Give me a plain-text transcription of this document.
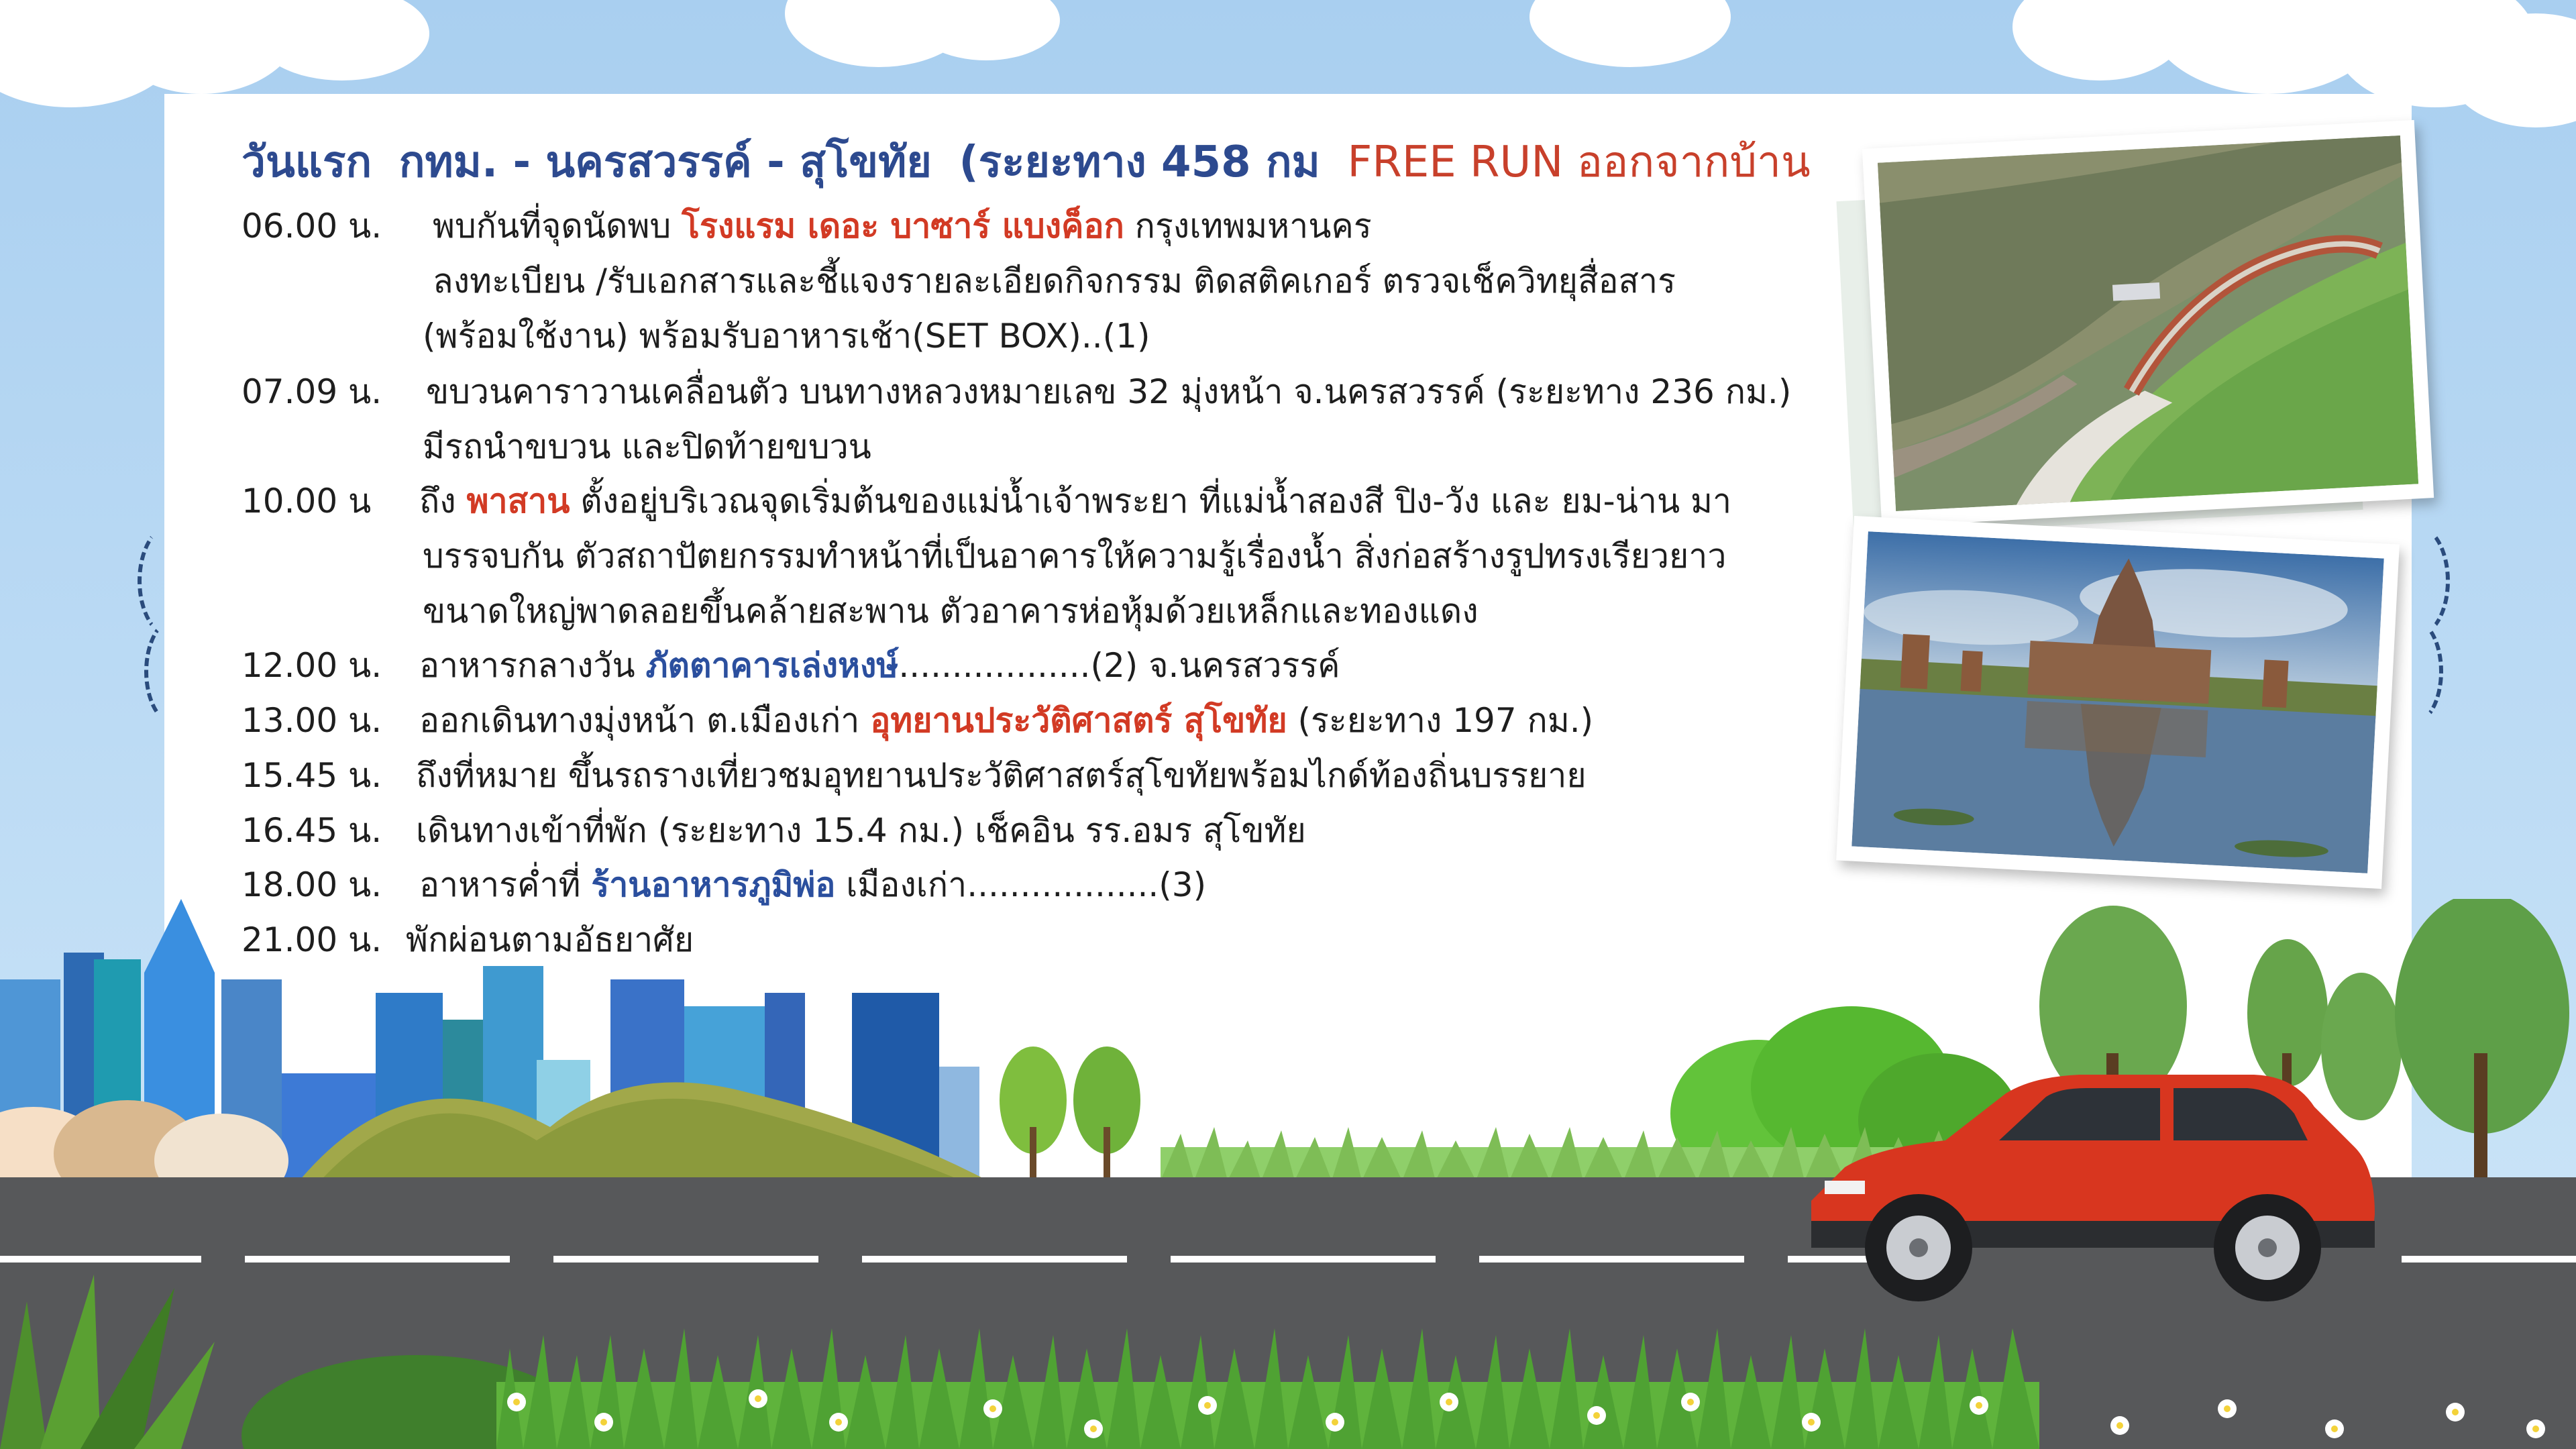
วันแรก กทม. - นครสวรรค์ - สุโขทัย (ระยะทาง 458 กม FREE RUN ออกจากบ้าน
06.00 น. พบกันที่จุดนัดพบ โรงแรม เดอะ บาซาร์ แบงค็อก กรุงเทพมหานคร
ลงทะเบียน /รับเอกสารและชี้แจงรายละเอียดกิจกรรม ติดสติคเกอร์ ตรวจเช็ควิทยุสื่อสาร
(พร้อมใช้งาน) พร้อมรับอาหารเช้า(SET BOX)..(1)
07.09 น. ขบวนคาราวานเคลื่อนตัว บนทางหลวงหมายเลข 32 มุ่งหน้า จ.นครสวรรค์ (ระยะทาง 236 กม.)
มีรถนำขบวน และปิดท้ายขบวน
10.00 น ถึง พาสาน ตั้งอยู่บริเวณจุดเริ่มต้นของแม่น้ำเจ้าพระยา ที่แม่น้ำสองสี ปิง-วัง และ ยม-น่าน มา
บรรจบกัน ตัวสถาปัตยกรรมทำหน้าที่เป็นอาคารให้ความรู้เรื่องน้ำ สิ่งก่อสร้างรูปทรงเรียวยาว
ขนาดใหญ่พาดลอยขึ้นคล้ายสะพาน ตัวอาคารห่อหุ้มด้วยเหล็กและทองแดง
12.00 น. อาหารกลางวัน ภัตตาคารเล่งหงษ์..................(2) จ.นครสวรรค์
13.00 น. ออกเดินทางมุ่งหน้า ต.เมืองเก่า อุทยานประวัติศาสตร์ สุโขทัย (ระยะทาง 197 กม.)
15.45 น. ถึงที่หมาย ขึ้นรถรางเที่ยวชมอุทยานประวัติศาสตร์สุโขทัยพร้อมไกด์ท้องถิ่นบรรยาย
16.45 น. เดินทางเข้าที่พัก (ระยะทาง 15.4 กม.) เช็คอิน รร.อมร สุโขทัย
18.00 น. อาหารค่ำที่ ร้านอาหารภูมิพ่อ เมืองเก่า..................(3)
21.00 น. พักผ่อนตามอัธยาศัย
